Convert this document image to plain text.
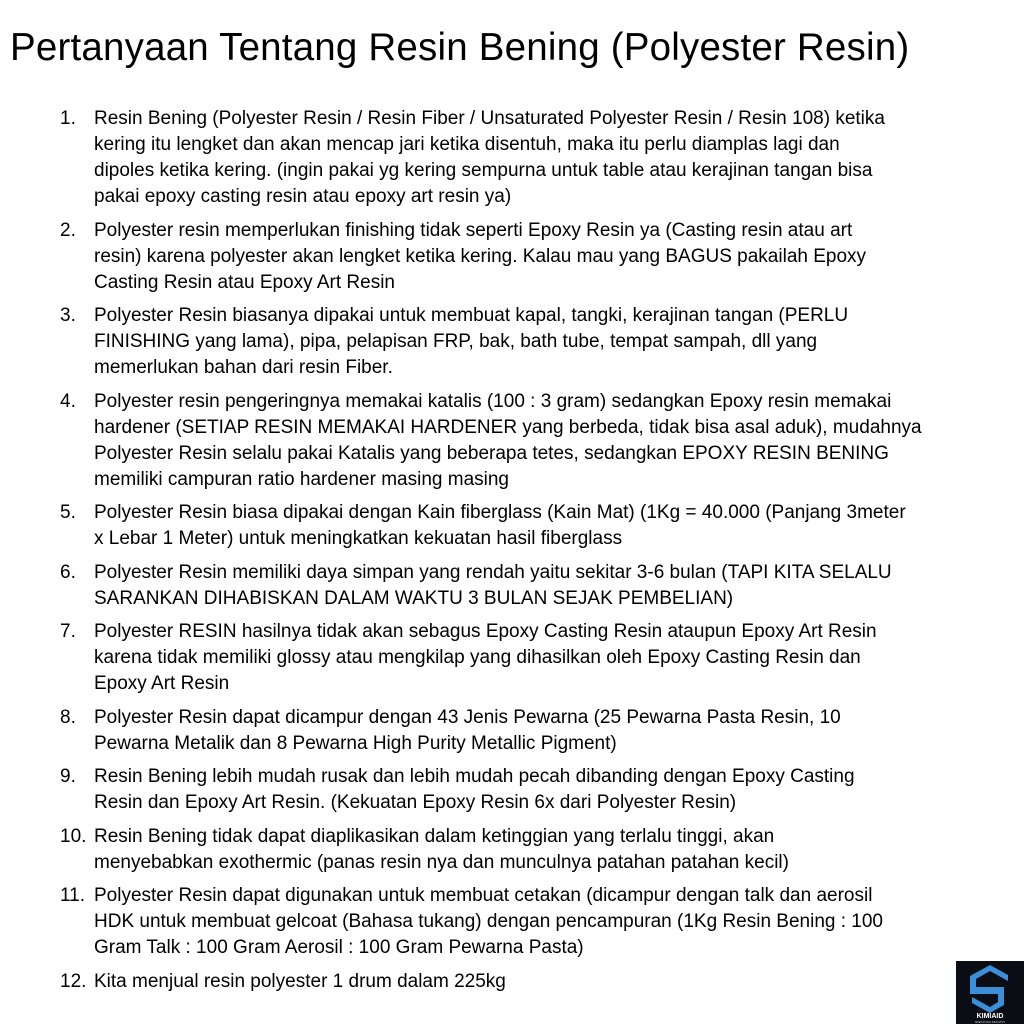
Pertanyaan Tentang Resin Bening (Polyester Resin)
1. Resin Bening (Polyester Resin / Resin Fiber / Unsaturated Polyester Resin / Resin 108) ketika
kering itu lengket dan akan mencap jari ketika disentuh, maka itu perlu diamplas lagi dan
dipoles ketika kering. (ingin pakai yg kering sempurna untuk table atau kerajinan tangan bisa
pakai epoxy casting resin atau epoxy art resin ya)
2. Polyester resin memperlukan finishing tidak seperti Epoxy Resin ya (Casting resin atau art
resin) karena polyester akan lengket ketika kering. Kalau mau yang BAGUS pakailah Epoxy
Casting Resin atau Epoxy Art Resin
3. Polyester Resin biasanya dipakai untuk membuat kapal, tangki, kerajinan tangan (PERLU
FINISHING yang lama), pipa, pelapisan FRP, bak, bath tube, tempat sampah, dll yang
memerlukan bahan dari resin Fiber.
4. Polyester resin pengeringnya memakai katalis (100 : 3 gram) sedangkan Epoxy resin memakai
hardener (SETIAP RESIN MEMAKAI HARDENER yang berbeda, tidak bisa asal aduk), mudahnya
Polyester Resin selalu pakai Katalis yang beberapa tetes, sedangkan EPOXY RESIN BENING
memiliki campuran ratio hardener masing masing
5. Polyester Resin biasa dipakai dengan Kain fiberglass (Kain Mat) (1Kg = 40.000 (Panjang 3meter
x Lebar 1 Meter) untuk meningkatkan kekuatan hasil fiberglass
6. Polyester Resin memiliki daya simpan yang rendah yaitu sekitar 3-6 bulan (TAPI KITA SELALU
SARANKAN DIHABISKAN DALAM WAKTU 3 BULAN SEJAK PEMBELIAN)
7. Polyester RESIN hasilnya tidak akan sebagus Epoxy Casting Resin ataupun Epoxy Art Resin
karena tidak memiliki glossy atau mengkilap yang dihasilkan oleh Epoxy Casting Resin dan
Epoxy Art Resin
8. Polyester Resin dapat dicampur dengan 43 Jenis Pewarna (25 Pewarna Pasta Resin, 10
Pewarna Metalik dan 8 Pewarna High Purity Metallic Pigment)
9. Resin Bening lebih mudah rusak dan lebih mudah pecah dibanding dengan Epoxy Casting
Resin dan Epoxy Art Resin. (Kekuatan Epoxy Resin 6x dari Polyester Resin)
10. Resin Bening tidak dapat diaplikasikan dalam ketinggian yang terlalu tinggi, akan
menyebabkan exothermic (panas resin nya dan munculnya patahan patahan kecil)
11. Polyester Resin dapat digunakan untuk membuat cetakan (dicampur dengan talk dan aerosil
HDK untuk membuat gelcoat (Bahasa tukang) dengan pencampuran (1Kg Resin Bening : 100
Gram Talk : 100 Gram Aerosil : 100 Gram Pewarna Pasta)
12. Kita menjual resin polyester 1 drum dalam 225kg
KIMIAID
SIMPLIFYING INDUSTRY
